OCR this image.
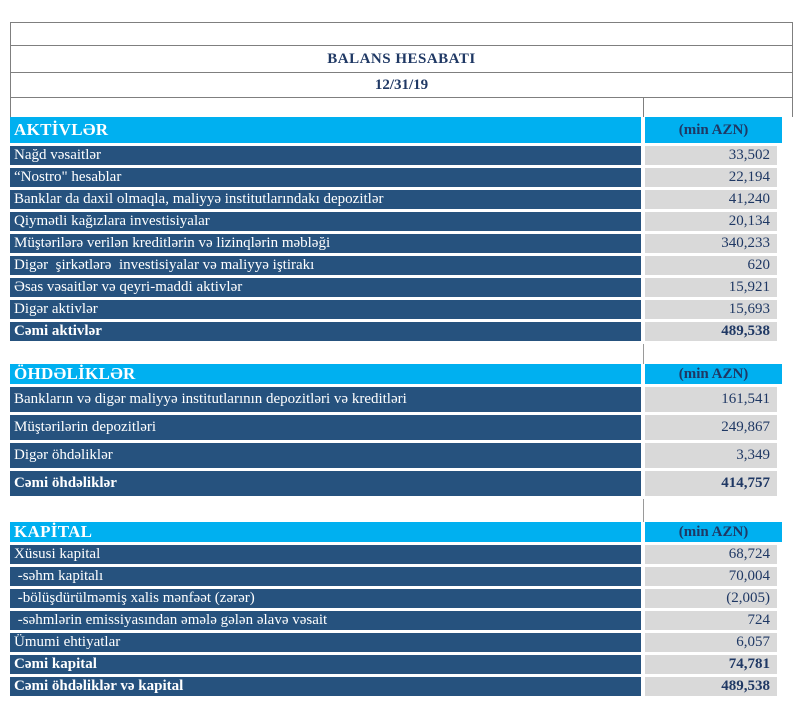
BALANS HESABATI
12/31/19
AKTİVLƏR	(min AZN)
Nağd vəsaitlər	33,502
“Nostro" hesablar	22,194
Banklar da daxil olmaqla, maliyyə institutlarındakı depozitlər	41,240
Qiymətli kağızlara investisiyalar	20,134
Müştərilərə verilən kreditlərin və lizinqlərin məbləği	340,233
Digər  şirkətlərə  investisiyalar və maliyyə iştirakı	620
Əsas vəsaitlər və qeyri-maddi aktivlər	15,921
Digər aktivlər	15,693
Cəmi aktivlər	489,538
ÖHDƏLİKLƏR	(min AZN)
Bankların və digər maliyyə institutlarının depozitləri və kreditləri	161,541
Müştərilərin depozitləri	249,867
Digər öhdəliklər	3,349
Cəmi öhdəliklər	414,757
KAPİTAL	(min AZN)
Xüsusi kapital	68,724
-səhm kapitalı	70,004
-bölüşdürülməmiş xalis mənfəət (zərər)	(2,005)
-səhmlərin emissiyasından əmələ gələn əlavə vəsait	724
Ümumi ehtiyatlar	6,057
Cəmi kapital	74,781
Cəmi öhdəliklər və kapital	489,538
